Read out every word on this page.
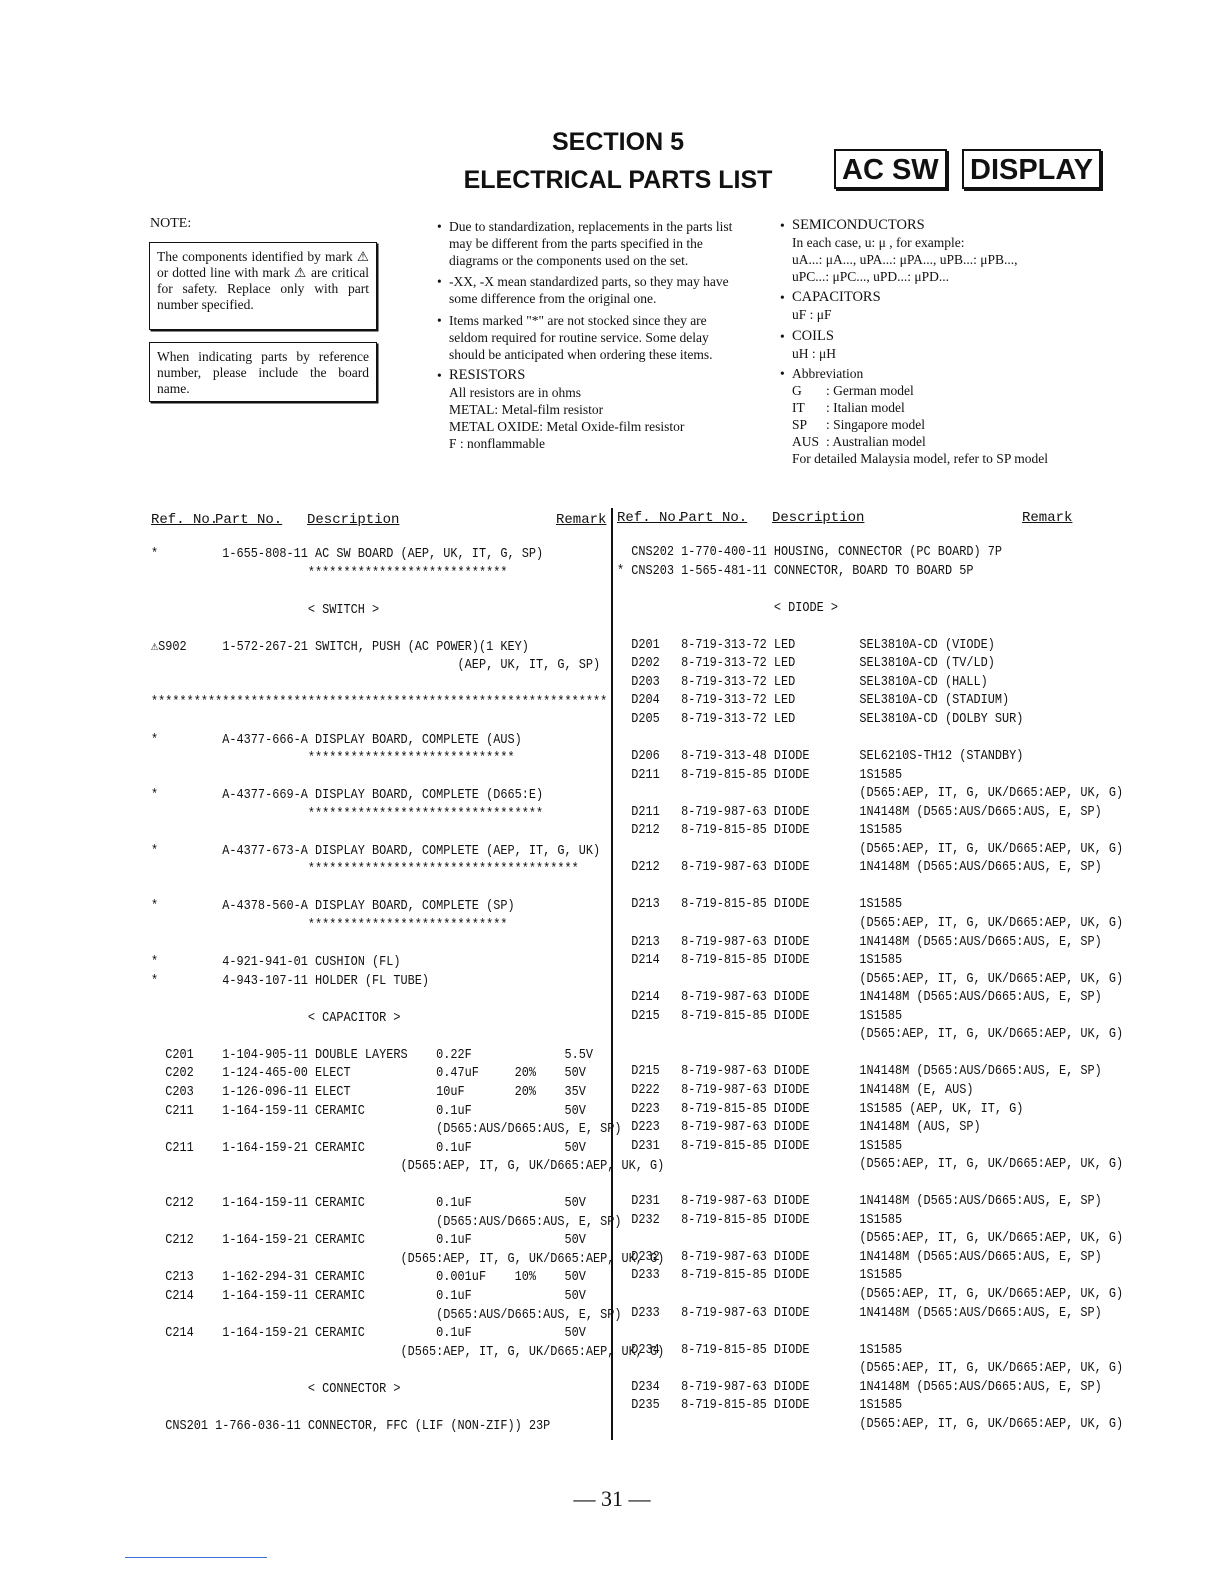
SECTION 5
ELECTRICAL PARTS LIST	AC SW DISPLAY
NOTE:
The components identified by mark ⚠ or dotted line with mark ⚠ are critical for safety. Replace only with part number specified.
When indicating parts by reference number, please include the board name.
• Due to standardization, replacements in the parts list may be different from the parts specified in the diagrams or the components used on the set.
• -XX, -X mean standardized parts, so they may have some difference from the original one.
• Items marked "*" are not stocked since they are seldom required for routine service. Some delay should be anticipated when ordering these items.
• RESISTORS
All resistors are in ohms
METAL: Metal-film resistor
METAL OXIDE: Metal Oxide-film resistor
F : nonflammable
• SEMICONDUCTORS
In each case, u: μ , for example:
uA...: μA..., uPA...: μPA..., uPB...: μPB...,
uPC...: μPC..., uPD...: μPD...
• CAPACITORS
uF : μF
• COILS
uH : μH
• Abbreviation
G : German model
IT : Italian model
SP : Singapore model
AUS : Australian model
For detailed Malaysia model, refer to SP model
Ref. No.
Part No. Description	Remark Ref. No.
Part No. Description	Remark
*         1-655-808-11 AC SW BOARD (AEP, UK, IT, G, SP)
****************************
< SWITCH >
⚠S902     1-572-267-21 SWITCH, PUSH (AC POWER)(1 KEY)
(AEP, UK, IT, G, SP)
****************************************************************
*         A-4377-666-A DISPLAY BOARD, COMPLETE (AUS)
*****************************
*         A-4377-669-A DISPLAY BOARD, COMPLETE (D665:E)
*********************************
*         A-4377-673-A DISPLAY BOARD, COMPLETE (AEP, IT, G, UK)
**************************************
*         A-4378-560-A DISPLAY BOARD, COMPLETE (SP)
****************************
*         4-921-941-01 CUSHION (FL)
*         4-943-107-11 HOLDER (FL TUBE)
< CAPACITOR >
C201    1-104-905-11 DOUBLE LAYERS    0.22F             5.5V
C202    1-124-465-00 ELECT            0.47uF     20%    50V
C203    1-126-096-11 ELECT            10uF       20%    35V
C211    1-164-159-11 CERAMIC          0.1uF             50V
(D565:AUS/D665:AUS, E, SP)
C211    1-164-159-21 CERAMIC          0.1uF             50V
(D565:AEP, IT, G, UK/D665:AEP, UK, G)
C212    1-164-159-11 CERAMIC          0.1uF             50V
(D565:AUS/D665:AUS, E, SP)
C212    1-164-159-21 CERAMIC          0.1uF             50V
(D565:AEP, IT, G, UK/D665:AEP, UK, G)
C213    1-162-294-31 CERAMIC          0.001uF    10%    50V
C214    1-164-159-11 CERAMIC          0.1uF             50V
(D565:AUS/D665:AUS, E, SP)
C214    1-164-159-21 CERAMIC          0.1uF             50V
(D565:AEP, IT, G, UK/D665:AEP, UK, G)
< CONNECTOR >
CNS201 1-766-036-11 CONNECTOR, FFC (LIF (NON-ZIF)) 23P
CNS202 1-770-400-11 HOUSING, CONNECTOR (PC BOARD) 7P
* CNS203 1-565-481-11 CONNECTOR, BOARD TO BOARD 5P
< DIODE >
D201   8-719-313-72 LED         SEL3810A-CD (VIODE)
D202   8-719-313-72 LED         SEL3810A-CD (TV/LD)
D203   8-719-313-72 LED         SEL3810A-CD (HALL)
D204   8-719-313-72 LED         SEL3810A-CD (STADIUM)
D205   8-719-313-72 LED         SEL3810A-CD (DOLBY SUR)
D206   8-719-313-48 DIODE       SEL6210S-TH12 (STANDBY)
D211   8-719-815-85 DIODE       1S1585
(D565:AEP, IT, G, UK/D665:AEP, UK, G)
D211   8-719-987-63 DIODE       1N4148M (D565:AUS/D665:AUS, E, SP)
D212   8-719-815-85 DIODE       1S1585
(D565:AEP, IT, G, UK/D665:AEP, UK, G)
D212   8-719-987-63 DIODE       1N4148M (D565:AUS/D665:AUS, E, SP)
D213   8-719-815-85 DIODE       1S1585
(D565:AEP, IT, G, UK/D665:AEP, UK, G)
D213   8-719-987-63 DIODE       1N4148M (D565:AUS/D665:AUS, E, SP)
D214   8-719-815-85 DIODE       1S1585
(D565:AEP, IT, G, UK/D665:AEP, UK, G)
D214   8-719-987-63 DIODE       1N4148M (D565:AUS/D665:AUS, E, SP)
D215   8-719-815-85 DIODE       1S1585
(D565:AEP, IT, G, UK/D665:AEP, UK, G)
D215   8-719-987-63 DIODE       1N4148M (D565:AUS/D665:AUS, E, SP)
D222   8-719-987-63 DIODE       1N4148M (E, AUS)
D223   8-719-815-85 DIODE       1S1585 (AEP, UK, IT, G)
D223   8-719-987-63 DIODE       1N4148M (AUS, SP)
D231   8-719-815-85 DIODE       1S1585
(D565:AEP, IT, G, UK/D665:AEP, UK, G)
D231   8-719-987-63 DIODE       1N4148M (D565:AUS/D665:AUS, E, SP)
D232   8-719-815-85 DIODE       1S1585
(D565:AEP, IT, G, UK/D665:AEP, UK, G)
D232   8-719-987-63 DIODE       1N4148M (D565:AUS/D665:AUS, E, SP)
D233   8-719-815-85 DIODE       1S1585
(D565:AEP, IT, G, UK/D665:AEP, UK, G)
D233   8-719-987-63 DIODE       1N4148M (D565:AUS/D665:AUS, E, SP)
D234   8-719-815-85 DIODE       1S1585
(D565:AEP, IT, G, UK/D665:AEP, UK, G)
D234   8-719-987-63 DIODE       1N4148M (D565:AUS/D665:AUS, E, SP)
D235   8-719-815-85 DIODE       1S1585
(D565:AEP, IT, G, UK/D665:AEP, UK, G)
— 31 —
